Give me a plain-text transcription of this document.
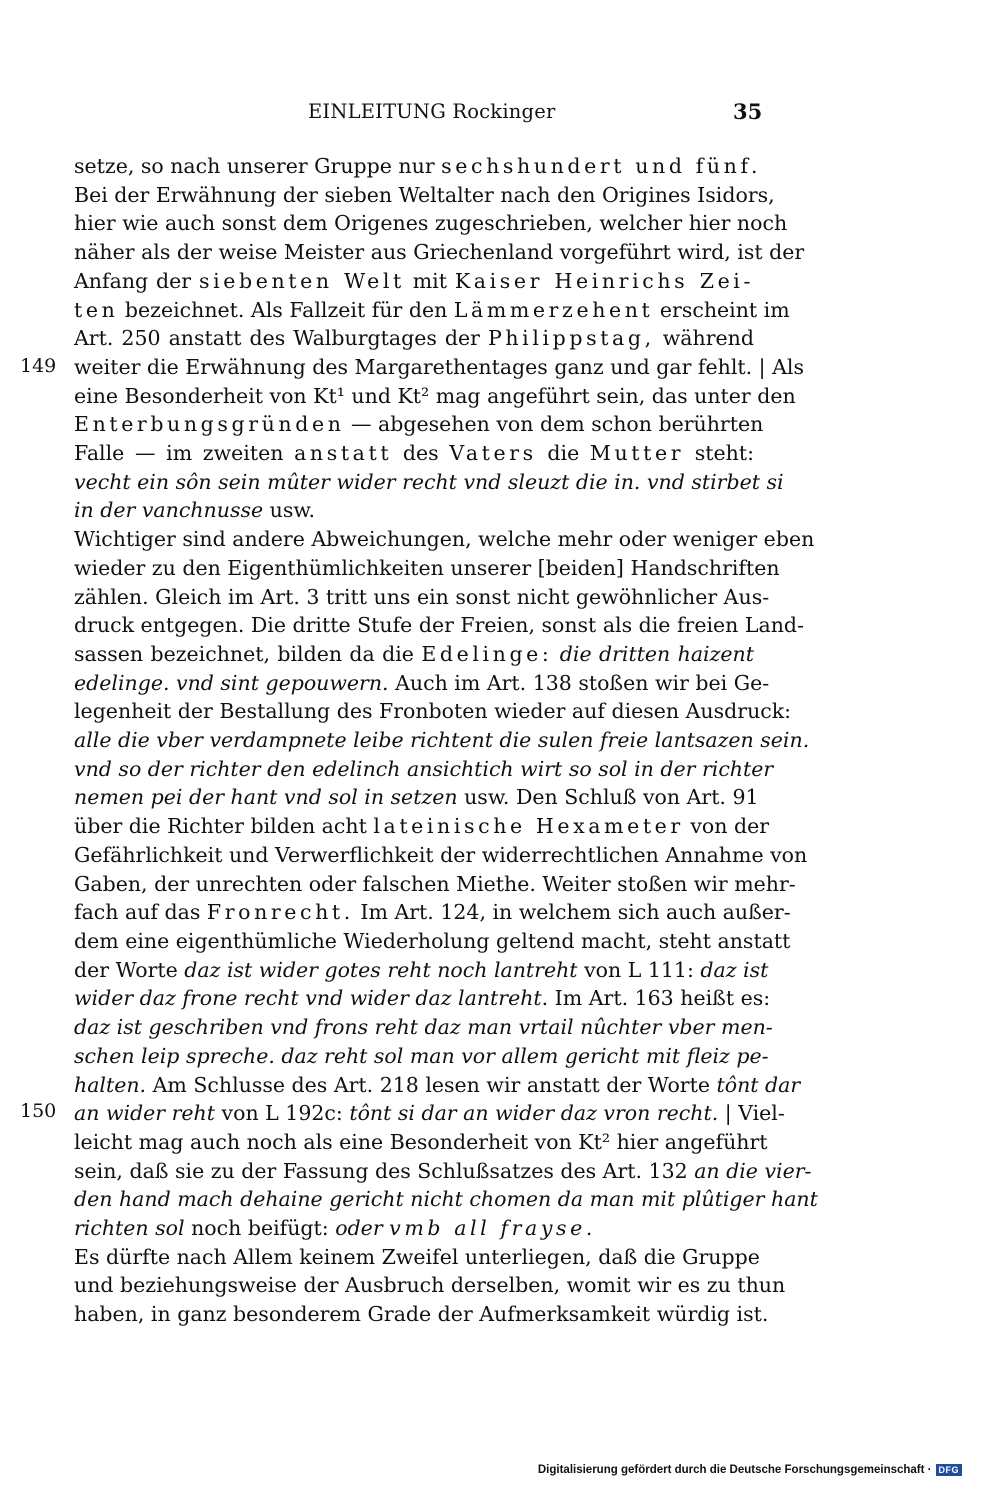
EINLEITUNG Rockinger	35
149
150
setze, so nach unserer Gruppe nur sechshundert und fünf.
Bei der Erwähnung der sieben Weltalter nach den Origines Isidors,
hier wie auch sonst dem Origenes zugeschrieben, welcher hier noch
näher als der weise Meister aus Griechenland vorgeführt wird, ist der
Anfang der siebenten Welt mit Kaiser Heinrichs Zei-
ten bezeichnet. Als Fallzeit für den Lämmerzehent erscheint im
Art. 250 anstatt des Walburgtages der Philippstag, während
weiter die Erwähnung des Margarethentages ganz und gar fehlt. | Als
eine Besonderheit von Kt¹ und Kt² mag angeführt sein, das unter den
Enterbungsgründen — abgesehen von dem schon berührten
Falle — im zweiten anstatt des Vaters die Mutter steht:
vecht ein sôn sein mûter wider recht vnd sleuzt die in. vnd stirbet si
in der vanchnusse usw.
Wichtiger sind andere Abweichungen, welche mehr oder weniger eben
wieder zu den Eigenthümlichkeiten unserer [beiden] Handschriften
zählen. Gleich im Art. 3 tritt uns ein sonst nicht gewöhnlicher Aus-
druck entgegen. Die dritte Stufe der Freien, sonst als die freien Land-
sassen bezeichnet, bilden da die Edelinge: die dritten haizent
edelinge. vnd sint gepouwern. Auch im Art. 138 stoßen wir bei Ge-
legenheit der Bestallung des Fronboten wieder auf diesen Ausdruck:
alle die vber verdampnete leibe richtent die sulen freie lantsazen sein.
vnd so der richter den edelinch ansichtich wirt so sol in der richter
nemen pei der hant vnd sol in setzen usw. Den Schluß von Art. 91
über die Richter bilden acht lateinische Hexameter von der
Gefährlichkeit und Verwerflichkeit der widerrechtlichen Annahme von
Gaben, der unrechten oder falschen Miethe. Weiter stoßen wir mehr-
fach auf das Fronrecht. Im Art. 124, in welchem sich auch außer-
dem eine eigenthümliche Wiederholung geltend macht, steht anstatt
der Worte daz ist wider gotes reht noch lantreht von L 111: daz ist
wider daz frone recht vnd wider daz lantreht. Im Art. 163 heißt es:
daz ist geschriben vnd frons reht daz man vrtail nûchter vber men-
schen leip spreche. daz reht sol man vor allem gericht mit fleiz pe-
halten. Am Schlusse des Art. 218 lesen wir anstatt der Worte tônt dar
an wider reht von L 192c: tônt si dar an wider daz vron recht. | Viel-
leicht mag auch noch als eine Besonderheit von Kt² hier angeführt
sein, daß sie zu der Fassung des Schlußsatzes des Art. 132 an die vier-
den hand mach dehaine gericht nicht chomen da man mit plûtiger hant
richten sol noch beifügt: oder vmb all frayse.
Es dürfte nach Allem keinem Zweifel unterliegen, daß die Gruppe
und beziehungsweise der Ausbruch derselben, womit wir es zu thun
haben, in ganz besonderem Grade der Aufmerksamkeit würdig ist.
Digitalisierung gefördert durch die Deutsche Forschungsgemeinschaft · DFG
